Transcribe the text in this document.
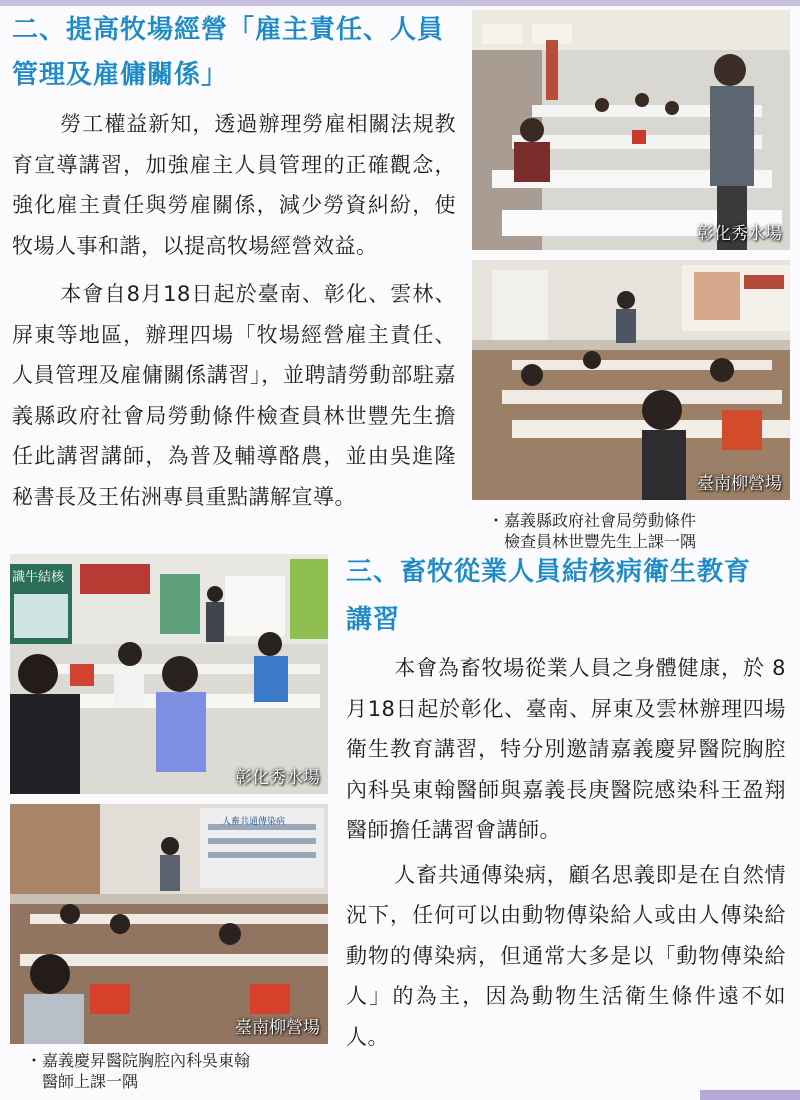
二、提高牧場經營「雇主責任、人員管理及雇傭關係」

勞工權益新知，透過辦理勞雇相關法規教育宣導講習，加強雇主人員管理的正確觀念，強化雇主責任與勞雇關係，減少勞資糾紛，使牧場人事和諧，以提高牧場經營效益。

本會自8月18日起於臺南、彰化、雲林、屏東等地區，辦理四場「牧場經營雇主責任、人員管理及雇傭關係講習」，並聘請勞動部駐嘉義縣政府社會局勞動條件檢查員林世豐先生擔任此講習講師，為普及輔導酪農，並由吳進隆秘書長及王佑洲專員重點講解宣導。

彰化秀水場
臺南柳營場

・嘉義縣政府社會局勞動條件

檢查員林世豐先生上課一隅

識牛結核
彰化秀水場
人畜共通傳染病
臺南柳營場

・嘉義慶昇醫院胸腔內科吳東翰

醫師上課一隅

三、畜牧從業人員結核病衛生教育
講習

本會為畜牧場從業人員之身體健康，於 8 月18日起於彰化、臺南、屏東及雲林辦理四場衛生教育講習，特分別邀請嘉義慶昇醫院胸腔內科吳東翰醫師與嘉義長庚醫院感染科王盈翔醫師擔任講習會講師。

人畜共通傳染病，顧名思義即是在自然情況下，任何可以由動物傳染給人或由人傳染給動物的傳染病，但通常大多是以「動物傳染給人」的為主，因為動物生活衛生條件遠不如人。
